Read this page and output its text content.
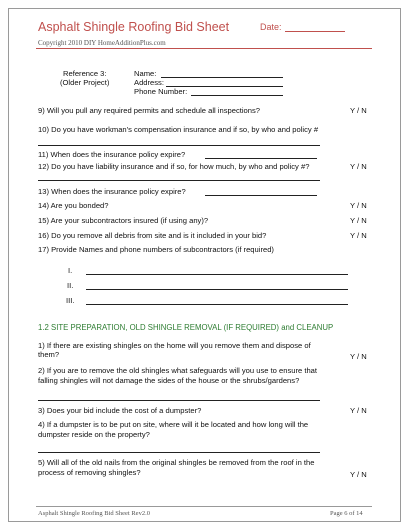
Asphalt Shingle Roofing Bid Sheet	Date:
Copyright 2010 DIY HomeAdditionPlus.com
Reference 3:
(Older Project)
Name:
Address:
Phone Number:
9) Will you pull any required permits and schedule all inspections?	Y / N
10) Do you have workman's compensation insurance and if so, by who and policy #
11) When does the insurance policy expire?
12) Do you have liability insurance and if so, for how much, by who and policy #?	Y / N
13) When does the insurance policy expire?
14) Are you bonded?	Y / N
15) Are your subcontractors insured (if using any)?	Y / N
16) Do you remove all debris from site and is it included in your bid?	Y / N
17) Provide Names and phone numbers of subcontractors (if required)
I.
II.
III.
1.2 SITE PREPARATION, OLD SHINGLE REMOVAL (IF REQUIRED) and CLEANUP
1) If there are existing shingles on the home will you remove them and dispose of
them?	Y / N
2) If you are to remove the old shingles what safeguards will you use to ensure that
falling shingles will not damage the sides of the house or the shrubs/gardens?
3) Does your bid include the cost of a dumpster?	Y / N
4) If a dumpster is to be put on site, where will it be located and how long will the
dumpster reside on the property?
5) Will all of the old nails from the original shingles be removed from the roof in the
process of removing shingles?	Y / N
Asphalt Shingle Roofing Bid Sheet Rev2.0	Page 6 of 14
